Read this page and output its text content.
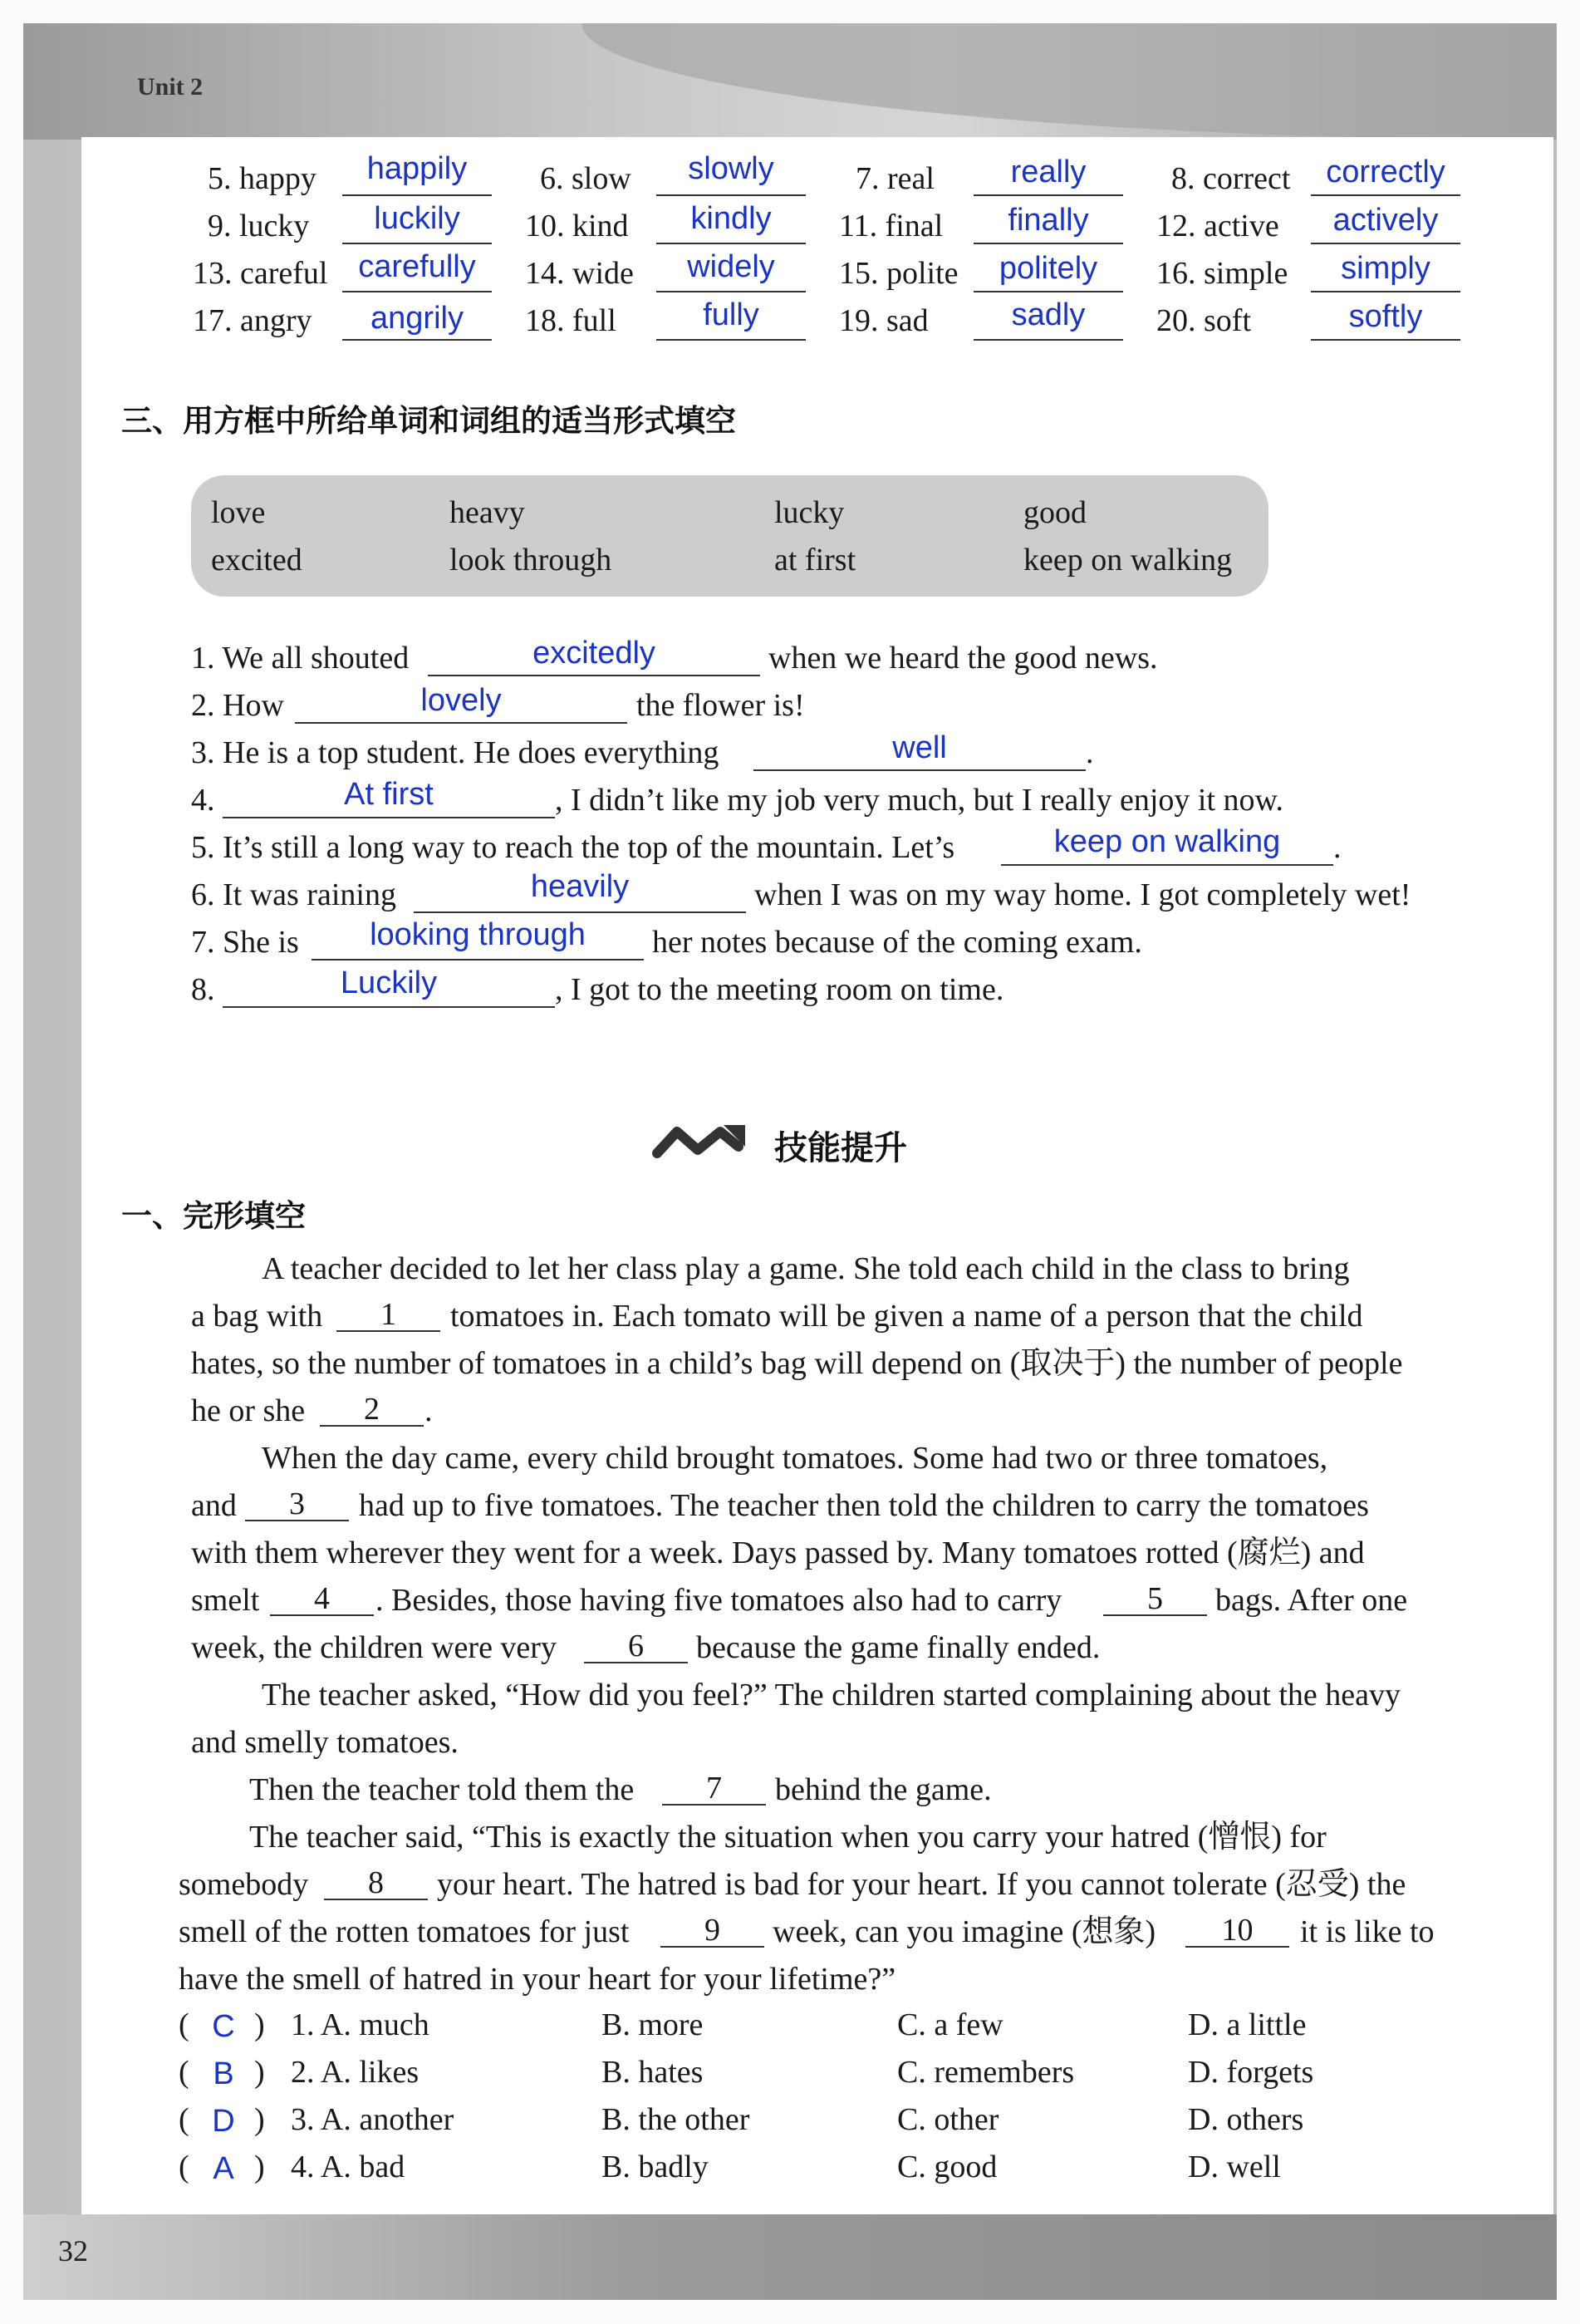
Unit 2
32
5. happy	happily	6. slow	slowly	7. real	really	8. correct	correctly
9. lucky	luckily	10. kind	kindly	11. final	finally	12. active	actively
13. careful carefully	14. wide	widely	15. polite	politely	16. simple	simply
17. angry	angrily	18. full	fully	19. sad	sadly	20. soft	softly
三、用方框中所给单词和词组的适当形式填空
love	heavy	lucky	good
excited	look through	at first	keep on walking
1. We all shouted	excitedly	when we heard the good news.
2. How	lovely	the flower is!
3. He is a top student. He does everything	well	.
4.	At first	, I didn’t like my job very much, but I really enjoy it now.
5. It’s still a long way to reach the top of the mountain. Let’s	keep on walking	.
6. It was raining	heavily	when I was on my way home. I got completely wet!
7. She is	looking through	her notes because of the coming exam.
8.	Luckily	, I got to the meeting room on time.
技能提升
一、完形填空
A teacher decided to let her class play a game. She told each child in the class to bring
a bag with	1	tomatoes in. Each tomato will be given a name of a person that the child
hates, so the number of tomatoes in a child’s bag will depend on (取决于) the number of people
he or she	2	.
When the day came, every child brought tomatoes. Some had two or three tomatoes,
and	3	had up to five tomatoes. The teacher then told the children to carry the tomatoes
with them wherever they went for a week. Days passed by. Many tomatoes rotted (腐烂) and
smelt	4	. Besides, those having five tomatoes also had to carry	5	bags. After one
week, the children were very	6	because the game finally ended.
The teacher asked, “How did you feel?” The children started complaining about the heavy
and smelly tomatoes.
Then the teacher told them the	7	behind the game.
The teacher said, “This is exactly the situation when you carry your hatred (憎恨) for
somebody	8	your heart. The hatred is bad for your heart. If you cannot tolerate (忍受) the
smell of the rotten tomatoes for just	9	week, can you imagine (想象)	10	it is like to
have the smell of hatred in your heart for your lifetime?”
( C ) 1. A. much	B. more	C. a few	D. a little
( B ) 2. A. likes	B. hates	C. remembers	D. forgets
( D ) 3. A. another	B. the other	C. other	D. others
( A ) 4. A. bad	B. badly	C. good	D. well
